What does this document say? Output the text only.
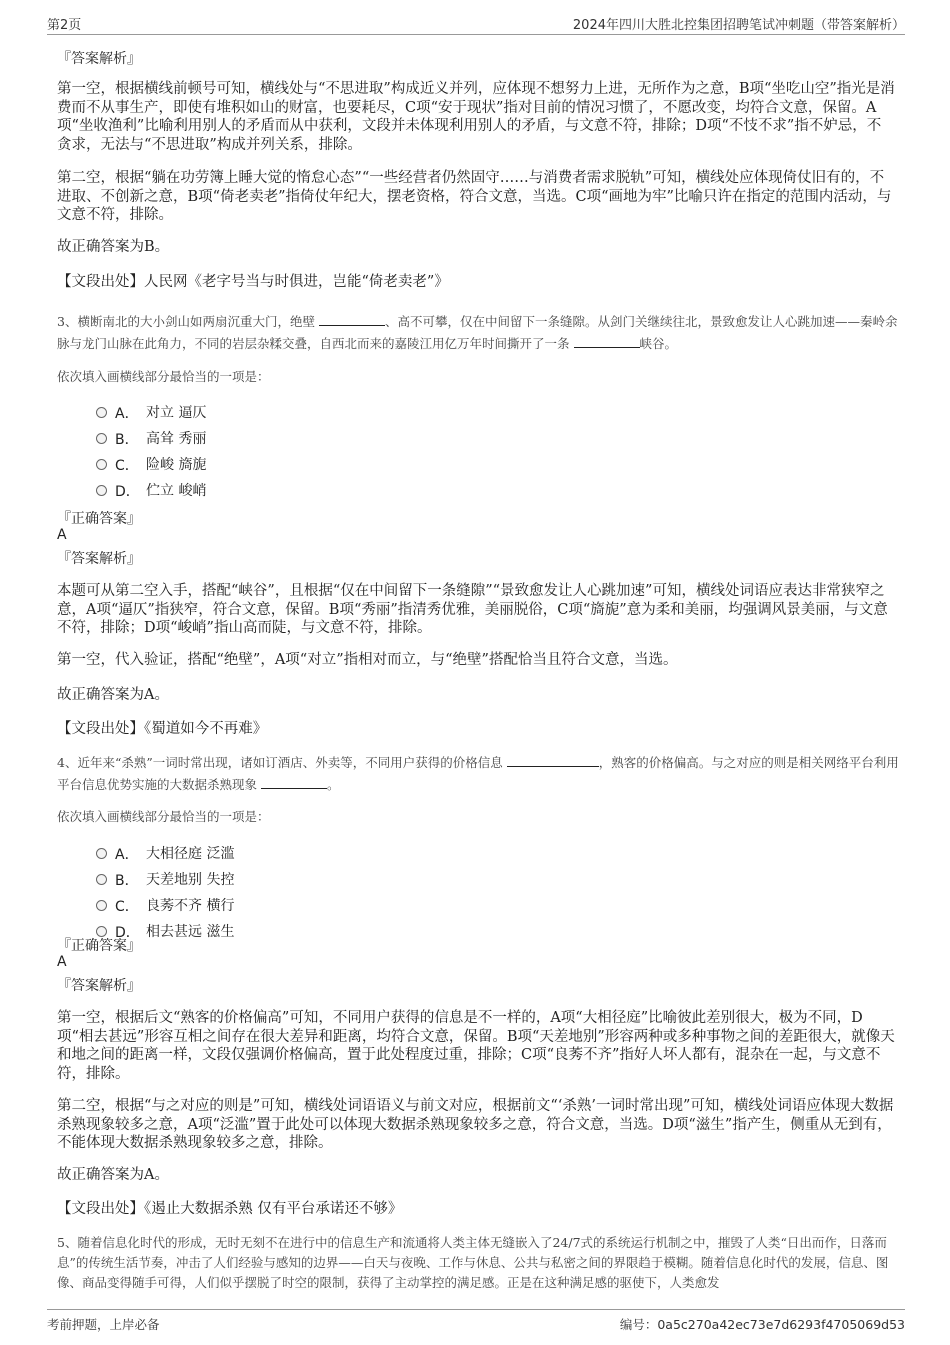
第2页	2024年四川大胜北控集团招聘笔试冲刺题（带答案解析）
『答案解析』
第一空，根据横线前顿号可知，横线处与“不思进取”构成近义并列，应体现不想努力上进，无所作为之意，B项“坐吃山空”指光是消费而不从事生产，即使有堆积如山的财富，也要耗尽，C项“安于现状”指对目前的情况习惯了，不愿改变，均符合文意，保留。A项“坐收渔利”比喻利用别人的矛盾而从中获利，文段并未体现利用别人的矛盾，与文意不符，排除；D项“不忮不求”指不妒忌，不贪求，无法与“不思进取”构成并列关系，排除。
第二空，根据“躺在功劳簿上睡大觉的惰怠心态”“一些经营者仍然固守……与消费者需求脱轨”可知，横线处应体现倚仗旧有的，不进取、不创新之意，B项“倚老卖老”指倚仗年纪大，摆老资格，符合文意，当选。C项“画地为牢”比喻只许在指定的范围内活动，与文意不符，排除。
故正确答案为B。
【文段出处】人民网《老字号当与时俱进，岂能“倚老卖老”》
3、横断南北的大小剑山如两扇沉重大门，绝壁	、高不可攀，仅在中间留下一条缝隙。从剑门关继续往北，景致愈发让人心跳加速——秦岭余脉与龙门山脉在此角力，不同的岩层杂糅交叠，自西北而来的嘉陵江用亿万年时间撕开了一条	峡谷。
依次填入画横线部分最恰当的一项是：
A． 对立 逼仄
B． 高耸 秀丽
C． 险峻 旖旎
D． 伫立 峻峭
『正确答案』
A
『答案解析』
本题可从第二空入手，搭配“峡谷”，且根据“仅在中间留下一条缝隙”“景致愈发让人心跳加速”可知，横线处词语应表达非常狭窄之意，A项“逼仄”指狭窄，符合文意，保留。B项“秀丽”指清秀优雅，美丽脱俗，C项“旖旎”意为柔和美丽，均强调风景美丽，与文意不符，排除；D项“峻峭”指山高而陡，与文意不符，排除。
第一空，代入验证，搭配“绝壁”，A项“对立”指相对而立，与“绝壁”搭配恰当且符合文意，当选。
故正确答案为A。
【文段出处】《蜀道如今不再难》
4、近年来“杀熟”一词时常出现，诸如订酒店、外卖等，不同用户获得的价格信息	，熟客的价格偏高。与之对应的则是相关网络平台利用平台信息优势实施的大数据杀熟现象	。
依次填入画横线部分最恰当的一项是：
A． 大相径庭 泛滥
B． 天差地别 失控
C． 良莠不齐 横行
D． 相去甚远 滋生
『正确答案』
A
『答案解析』
第一空，根据后文“熟客的价格偏高”可知，不同用户获得的信息是不一样的，A项“大相径庭”比喻彼此差别很大，极为不同，D项“相去甚远”形容互相之间存在很大差异和距离，均符合文意，保留。B项“天差地别”形容两种或多种事物之间的差距很大，就像天和地之间的距离一样，文段仅强调价格偏高，置于此处程度过重，排除；C项“良莠不齐”指好人坏人都有，混杂在一起，与文意不符，排除。
第二空，根据“与之对应的则是”可知，横线处词语语义与前文对应，根据前文“‘杀熟’一词时常出现”可知，横线处词语应体现大数据杀熟现象较多之意，A项“泛滥”置于此处可以体现大数据杀熟现象较多之意，符合文意，当选。D项“滋生”指产生，侧重从无到有，不能体现大数据杀熟现象较多之意，排除。
故正确答案为A。
【文段出处】《遏止大数据杀熟 仅有平台承诺还不够》
5、随着信息化时代的形成，无时无刻不在进行中的信息生产和流通将人类主体无缝嵌入了24/7式的系统运行机制之中，摧毁了人类“日出而作，日落而息”的传统生活节奏，冲击了人们经验与感知的边界——白天与夜晚、工作与休息、公共与私密之间的界限趋于模糊。随着信息化时代的发展，信息、图像、商品变得随手可得，人们似乎摆脱了时空的限制，获得了主动掌控的满足感。正是在这种满足感的驱使下，人类愈发
考前押题，上岸必备	编号：0a5c270a42ec73e7d6293f4705069d53
